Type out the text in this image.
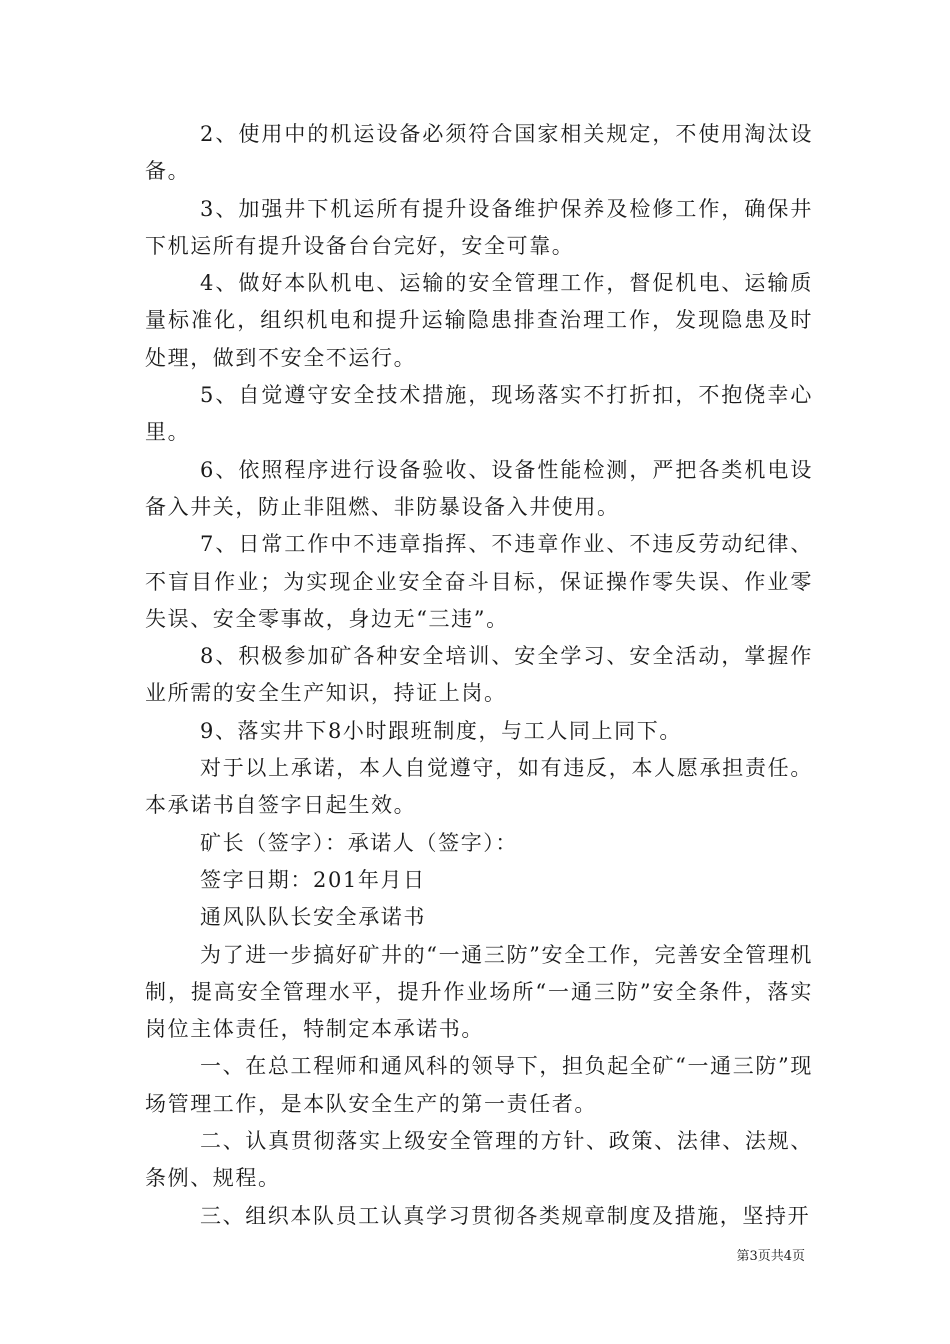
2、使用中的机运设备必须符合国家相关规定，不使用淘汰设备。

3、加强井下机运所有提升设备维护保养及检修工作，确保井下机运所有提升设备台台完好，安全可靠。

4、做好本队机电、运输的安全管理工作，督促机电、运输质量标准化，组织机电和提升运输隐患排查治理工作，发现隐患及时处理，做到不安全不运行。

5、自觉遵守安全技术措施，现场落实不打折扣，不抱侥幸心里。

6、依照程序进行设备验收、设备性能检测，严把各类机电设备入井关，防止非阻燃、非防暴设备入井使用。

7、日常工作中不违章指挥、不违章作业、不违反劳动纪律、不盲目作业；为实现企业安全奋斗目标，保证操作零失误、作业零失误、安全零事故，身边无“三违”。

8、积极参加矿各种安全培训、安全学习、安全活动，掌握作业所需的安全生产知识，持证上岗。

9、落实井下8小时跟班制度，与工人同上同下。

对于以上承诺，本人自觉遵守，如有违反，本人愿承担责任。本承诺书自签字日起生效。

矿长（签字）：承诺人（签字）：

签字日期：201年月日

通风队队长安全承诺书

为了进一步搞好矿井的“一通三防”安全工作，完善安全管理机制，提高安全管理水平，提升作业场所“一通三防”安全条件，落实岗位主体责任，特制定本承诺书。

一、在总工程师和通风科的领导下，担负起全矿“一通三防”现场管理工作，是本队安全生产的第一责任者。

二、认真贯彻落实上级安全管理的方针、政策、法律、法规、条例、规程。

三、组织本队员工认真学习贯彻各类规章制度及措施，坚持开

第3页共4页
